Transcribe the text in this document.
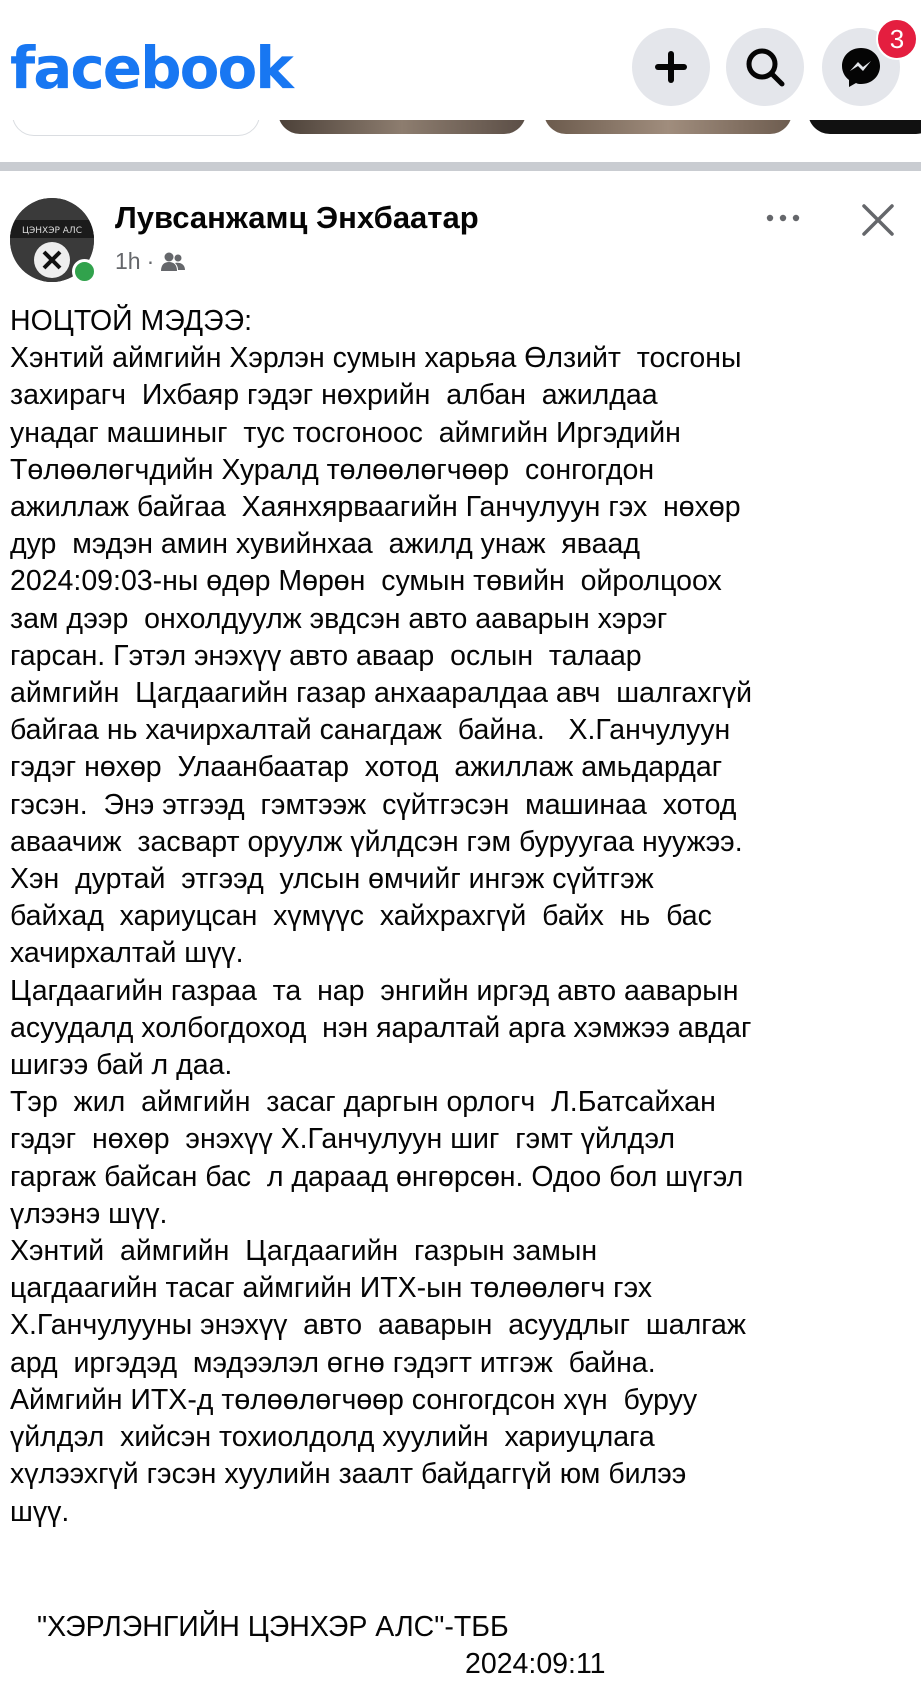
facebook	3
ЦЭНХЭР АЛС Лувсанжамц Энхбаатар
1h ·
НОЦТОЙ МЭДЭЭ:
Хэнтий аймгийн Хэрлэн сумын харьяа Өлзийт  тосгоны
захирагч  Ихбаяр гэдэг нөхрийн  албан  ажилдаа
унадаг машиныг  тус тосгоноос  аймгийн Иргэдийн
Төлөөлөгчдийн Хуралд төлөөлөгчөөр  сонгогдон
ажиллаж байгаа  Хаянхярваагийн Ганчулуун гэх  нөхөр
дур  мэдэн амин хувийнхаа  ажилд унаж  яваад
2024:09:03-ны өдөр Мөрөн  сумын төвийн  ойролцоох
зам дээр  онхолдуулж эвдсэн авто ааварын хэрэг
гарсан. Гэтэл энэхүү авто аваар  ослын  талаар
аймгийн  Цагдаагийн газар анхааралдаа авч  шалгахгүй
байгаа нь хачирхалтай санагдаж  байна.   Х.Ганчулуун
гэдэг нөхөр  Улаанбаатар  хотод  ажиллаж амьдардаг
гэсэн.  Энэ этгээд  гэмтээж  сүйтгэсэн  машинаа  хотод
аваачиж  засварт оруулж үйлдсэн гэм буруугаа нуужээ.
Хэн  дуртай  этгээд  улсын өмчийг ингэж сүйтгэж
байхад  хариуцсан  хүмүүс  хайхрахгүй  байх  нь  бас
хачирхалтай шүү.
Цагдаагийн газраа  та  нар  энгийн иргэд авто ааварын
асуудалд холбогдоход  нэн яаралтай арга хэмжээ авдаг
шигээ бай л даа.
Тэр  жил  аймгийн  засаг даргын орлогч  Л.Батсайхан
гэдэг  нөхөр  энэхүү Х.Ганчулуун шиг  гэмт үйлдэл
гаргаж байсан бас  л дараад өнгөрсөн. Одоо бол шүгэл
үлээнэ шүү.
Хэнтий  аймгийн  Цагдаагийн  газрын замын
цагдаагийн тасаг аймгийн ИТХ-ын төлөөлөгч гэх
Х.Ганчулууны энэхүү  авто  ааварын  асуудлыг  шалгаж
ард  иргэдэд  мэдээлэл өгнө гэдэгт итгэж  байна.
Аймгийн ИТХ-д төлөөлөгчөөр сонгогдсон хүн  буруу
үйлдэл  хийсэн тохиолдолд хуулийн  хариуцлага
хүлээхгүй гэсэн хуулийн заалт байдаггүй юм билээ
шүү.
"ХЭРЛЭНГИЙН ЦЭНХЭР АЛС"-ТББ
2024:09:11
